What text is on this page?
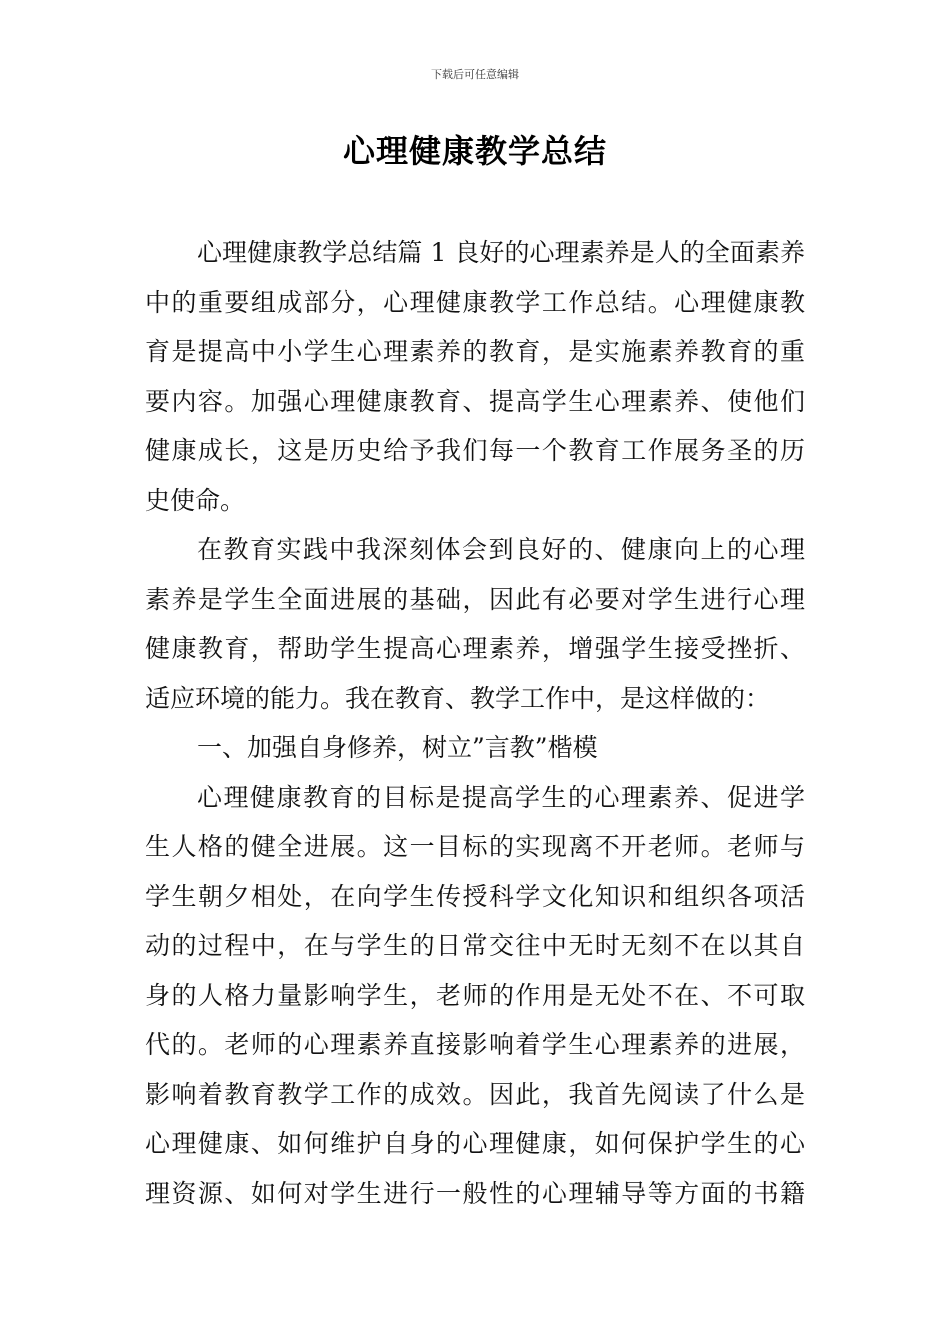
下载后可任意编辑
心理健康教学总结
心理健康教学总结篇 1 良好的心理素养是人的全面素养
中的重要组成部分，心理健康教学工作总结。心理健康教
育是提高中小学生心理素养的教育，是实施素养教育的重
要内容。加强心理健康教育、提高学生心理素养、使他们
健康成长，这是历史给予我们每一个教育工作展务圣的历
史使命。
在教育实践中我深刻体会到良好的、健康向上的心理
素养是学生全面进展的基础，因此有必要对学生进行心理
健康教育，帮助学生提高心理素养，增强学生接受挫折、
适应环境的能力。我在教育、教学工作中，是这样做的：
一、加强自身修养，树立”言教”楷模
心理健康教育的目标是提高学生的心理素养、促进学
生人格的健全进展。这一目标的实现离不开老师。老师与
学生朝夕相处，在向学生传授科学文化知识和组织各项活
动的过程中，在与学生的日常交往中无时无刻不在以其自
身的人格力量影响学生，老师的作用是无处不在、不可取
代的。老师的心理素养直接影响着学生心理素养的进展，
影响着教育教学工作的成效。因此，我首先阅读了什么是
心理健康、如何维护自身的心理健康，如何保护学生的心
理资源、如何对学生进行一般性的心理辅导等方面的书籍
